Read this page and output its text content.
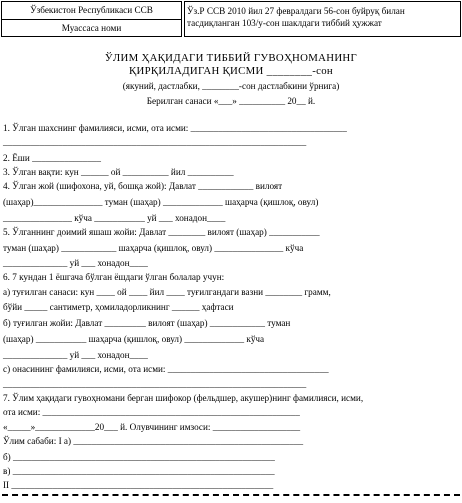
Ўзбекистон Республикаси ССВ
Муассаса номи
Ўз.Р ССВ 2010 йил 27 февралдаги 56-сон буйруқ билан
тасдиқланган 103/у-сон шаклдаги тиббий ҳужжат
ЎЛИМ ҲАҚИДАГИ ТИББИЙ ГУВОҲНОМАНИНГ
ҚИРҚИЛАДИГАН ҚИСМИ ________-сон
(якуний, дастлабки, ________-сон дастлабкини ўрнига)
Берилган санаси «___» __________ 20__ й.
1. Ўлган шахснинг фамилияси, исми, ота исми: __________________________________
__________________________________________________________________
2. Ёши _______________
3. Ўлган вақти: кун ______ ой __________ йил __________
4. Ўлган жой (шифохона, уй, бошқа жой): Давлат ____________ вилоят
(шаҳар)_______________ туман (шаҳар) _____________ шаҳарча (қишлоқ, овул)
_______________ кўча ___________ уй ___ хонадон____
5. Ўлганнинг доимий яшаш жойи: Давлат ________ вилоят (шаҳар) ___________
туман (шаҳар) ____________ шаҳарча (қишлоқ, овул) _______________ кўча
______________ уй ___ хонадон____
6. 7 кундан 1 ёшгача бўлган ёшдаги ўлган болалар учун:
а) туғилган санаси: кун ____ ой ____ йил ____ туғилгандаги вазни ________ грамм,
бўйи _____ сантиметр, ҳомиладорликнинг ______ ҳафтаси
б) туғилган жойи: Давлат _________ вилоят (шаҳар) ____________ туман
(шаҳар) ___________ шаҳарча (қишлоқ, овул) _____________ кўча
______________ уй ___ хонадон____
с) онасининг фамилияси, исми, ота исми: ___________________________________
__________________________________________________________________
7. Ўлим ҳақидаги гувоҳномани берган шифокор (фельдшер, акушер)нинг фамилияси, исми,
ота исми: ________________________________________________________
«_____»_____________20___ й. Олувчининг имзоси: ___________________
Ўлим сабаби: I а) __________________________________________________
б) _________________________________________________________
в) _________________________________________________________
II _________________________________________________________
